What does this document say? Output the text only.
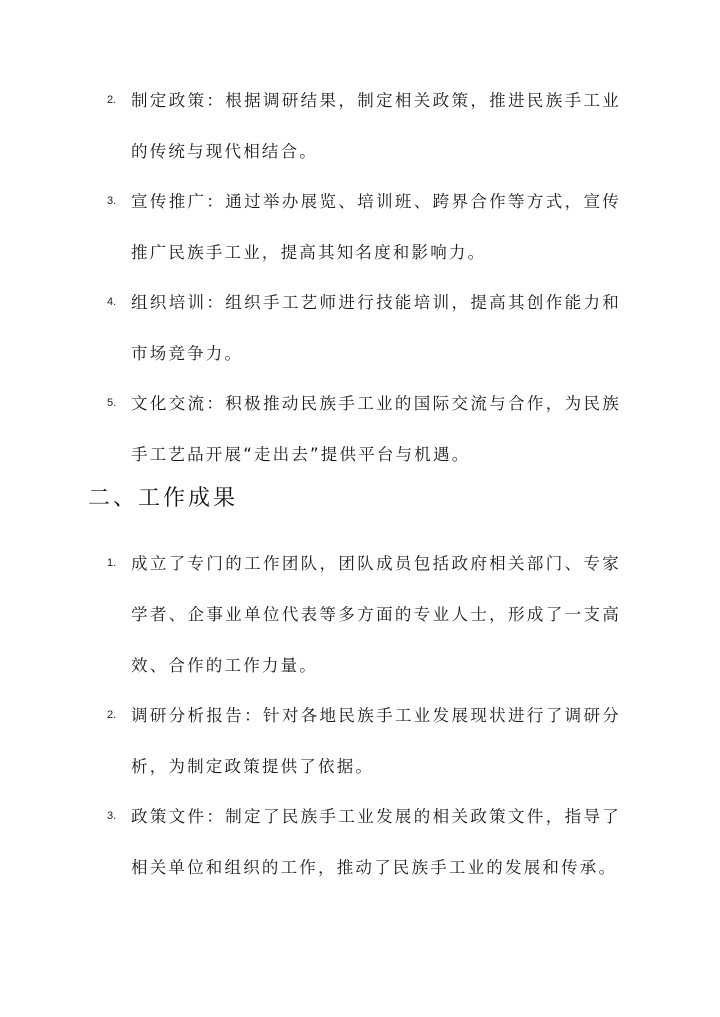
2. 制定政策：根据调研结果，制定相关政策，推进民族手工业的传统与现代相结合。
3. 宣传推广：通过举办展览、培训班、跨界合作等方式，宣传推广民族手工业，提高其知名度和影响力。
4. 组织培训：组织手工艺师进行技能培训，提高其创作能力和市场竞争力。
5. 文化交流：积极推动民族手工业的国际交流与合作，为民族手工艺品开展“走出去”提供平台与机遇。
二、工作成果
1. 成立了专门的工作团队，团队成员包括政府相关部门、专家学者、企事业单位代表等多方面的专业人士，形成了一支高效、合作的工作力量。
2. 调研分析报告：针对各地民族手工业发展现状进行了调研分析，为制定政策提供了依据。
3. 政策文件：制定了民族手工业发展的相关政策文件，指导了相关单位和组织的工作，推动了民族手工业的发展和传承。
